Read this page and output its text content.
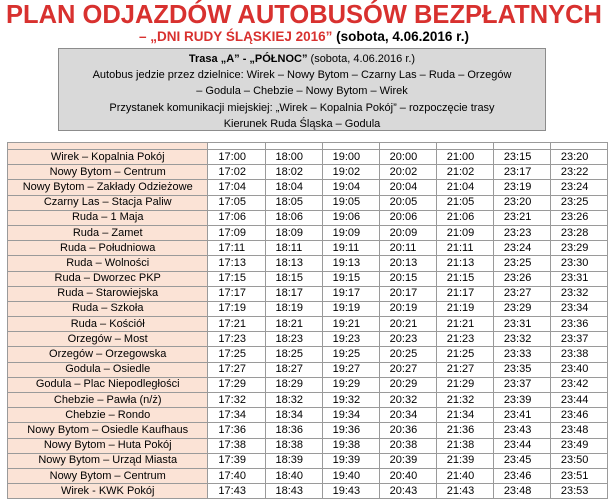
PLAN ODJAZDÓW AUTOBUSÓW BEZPŁATNYCH
– „DNI RUDY ŚLĄSKIEJ 2016” (sobota, 4.06.2016 r.)
Trasa „A” - „PÓŁNOC” (sobota, 4.06.2016 r.)
Autobus jedzie przez dzielnice: Wirek – Nowy Bytom – Czarny Las – Ruda – Orzegów
– Godula – Chebzie – Nowy Bytom – Wirek
Przystanek komunikacji miejskiej: „Wirek – Kopalnia Pokój” – rozpoczęcie trasy
Kierunek Ruda Śląska – Godula

Wirek – Kopalnia Pokój	17:00	18:00	19:00	20:00	21:00	23:15	23:20
Nowy Bytom – Centrum	17:02	18:02	19:02	20:02	21:02	23:17	23:22
Nowy Bytom – Zakłady Odzieżowe	17:04	18:04	19:04	20:04	21:04	23:19	23:24
Czarny Las – Stacja Paliw	17:05	18:05	19:05	20:05	21:05	23:20	23:25
Ruda – 1 Maja	17:06	18:06	19:06	20:06	21:06	23:21	23:26
Ruda – Zamet	17:09	18:09	19:09	20:09	21:09	23:23	23:28
Ruda – Południowa	17:11	18:11	19:11	20:11	21:11	23:24	23:29
Ruda – Wolności	17:13	18:13	19:13	20:13	21:13	23:25	23:30
Ruda – Dworzec PKP	17:15	18:15	19:15	20:15	21:15	23:26	23:31
Ruda – Starowiejska	17:17	18:17	19:17	20:17	21:17	23:27	23:32
Ruda – Szkoła	17:19	18:19	19:19	20:19	21:19	23:29	23:34
Ruda – Kościół	17:21	18:21	19:21	20:21	21:21	23:31	23:36
Orzegów – Most	17:23	18:23	19:23	20:23	21:23	23:32	23:37
Orzegów – Orzegowska	17:25	18:25	19:25	20:25	21:25	23:33	23:38
Godula – Osiedle	17:27	18:27	19:27	20:27	21:27	23:35	23:40
Godula – Plac Niepodległości	17:29	18:29	19:29	20:29	21:29	23:37	23:42
Chebzie – Pawła (n/ż)	17:32	18:32	19:32	20:32	21:32	23:39	23:44
Chebzie – Rondo	17:34	18:34	19:34	20:34	21:34	23:41	23:46
Nowy Bytom – Osiedle Kaufhaus	17:36	18:36	19:36	20:36	21:36	23:43	23:48
Nowy Bytom – Huta Pokój	17:38	18:38	19:38	20:38	21:38	23:44	23:49
Nowy Bytom – Urząd Miasta	17:39	18:39	19:39	20:39	21:39	23:45	23:50
Nowy Bytom – Centrum	17:40	18:40	19:40	20:40	21:40	23:46	23:51
Wirek - KWK Pokój	17:43	18:43	19:43	20:43	21:43	23:48	23:53
